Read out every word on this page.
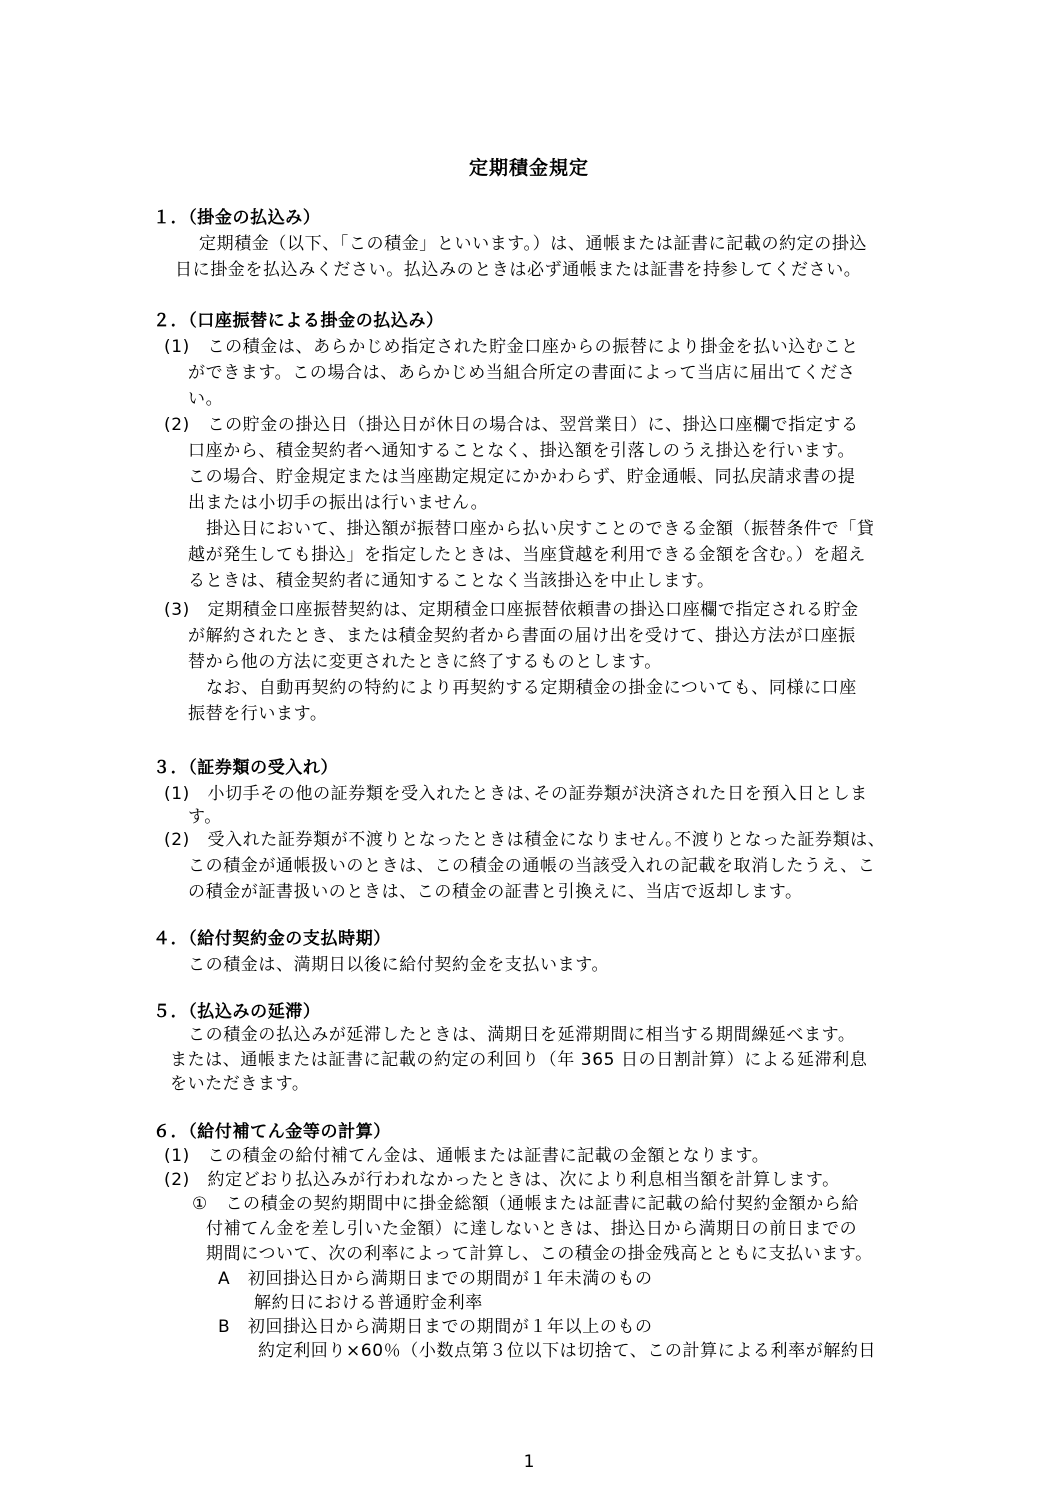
定期積金規定
１．（掛金の払込み）
定期積金（以下、「この積金」といいます。）は、通帳または証書に記載の約定の掛込
日に掛金を払込みください。払込みのときは必ず通帳または証書を持参してください。
２．（口座振替による掛金の払込み）
(1)　この積金は、あらかじめ指定された貯金口座からの振替により掛金を払い込むこと
ができます。この場合は、あらかじめ当組合所定の書面によって当店に届出てくださ
い。
(2)　この貯金の掛込日（掛込日が休日の場合は、翌営業日）に、掛込口座欄で指定する
口座から、積金契約者へ通知することなく、掛込額を引落しのうえ掛込を行います。
この場合、貯金規定または当座勘定規定にかかわらず、貯金通帳、同払戻請求書の提
出または小切手の振出は行いません。
掛込日において、掛込額が振替口座から払い戻すことのできる金額（振替条件で「貸
越が発生しても掛込」を指定したときは、当座貸越を利用できる金額を含む。）を超え
るときは、積金契約者に通知することなく当該掛込を中止します。
(3)　定期積金口座振替契約は、定期積金口座振替依頼書の掛込口座欄で指定される貯金
が解約されたとき、または積金契約者から書面の届け出を受けて、掛込方法が口座振
替から他の方法に変更されたときに終了するものとします。
なお、自動再契約の特約により再契約する定期積金の掛金についても、同様に口座
振替を行います。
３．（証券類の受入れ）
(1)　小切手その他の証券類を受入れたときは､その証券類が決済された日を預入日としま
す。
(2)　受入れた証券類が不渡りとなったときは積金になりません｡不渡りとなった証券類は、
この積金が通帳扱いのときは、この積金の通帳の当該受入れの記載を取消したうえ、こ
の積金が証書扱いのときは、この積金の証書と引換えに、当店で返却します。
４．（給付契約金の支払時期）
この積金は、満期日以後に給付契約金を支払います。
５．（払込みの延滞）
この積金の払込みが延滞したときは、満期日を延滞期間に相当する期間繰延べます。
または、通帳または証書に記載の約定の利回り（年 365 日の日割計算）による延滞利息
をいただきます。
６．（給付補てん金等の計算）
(1)　この積金の給付補てん金は、通帳または証書に記載の金額となります。
(2)　約定どおり払込みが行われなかったときは、次により利息相当額を計算します。
①　この積金の契約期間中に掛金総額（通帳または証書に記載の給付契約金額から給
付補てん金を差し引いた金額）に達しないときは、掛込日から満期日の前日までの
期間について、次の利率によって計算し、この積金の掛金残高とともに支払います。
A　初回掛込日から満期日までの期間が１年未満のもの
解約日における普通貯金利率
B　初回掛込日から満期日までの期間が１年以上のもの
約定利回り×60％（小数点第３位以下は切捨て、この計算による利率が解約日
1
